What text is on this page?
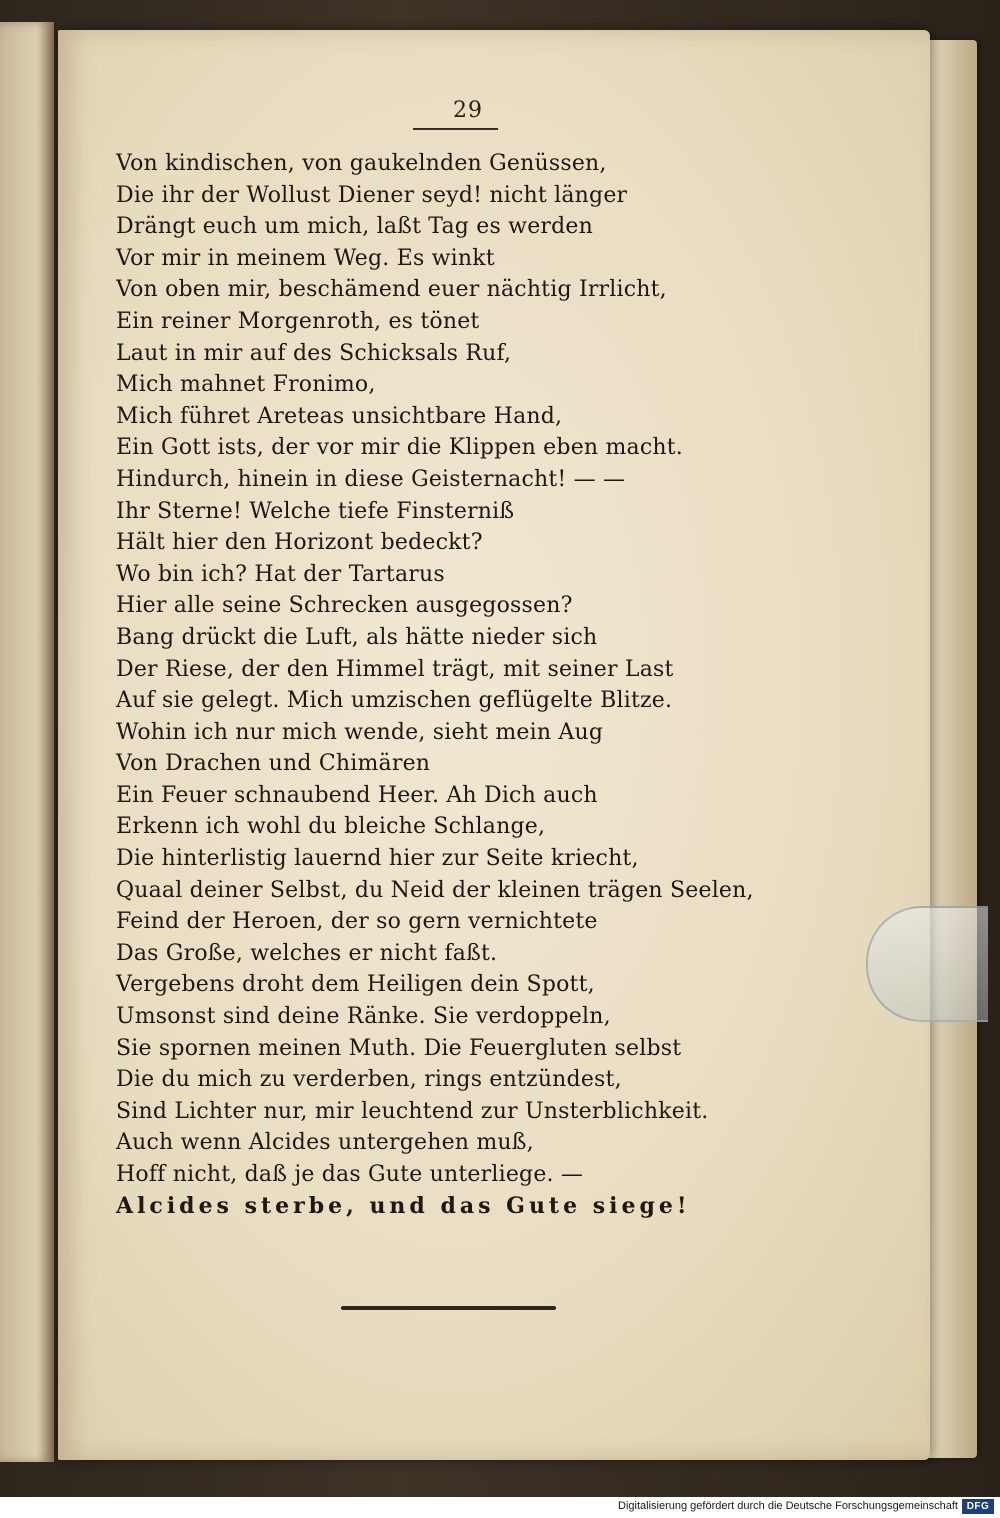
29
Von kindischen, von gaukelnden Genüssen,
Die ihr der Wollust Diener seyd! nicht länger
Drängt euch um mich, laßt Tag es werden
Vor mir in meinem Weg. Es winkt
Von oben mir, beschämend euer nächtig Irrlicht,
Ein reiner Morgenroth, es tönet
Laut in mir auf des Schicksals Ruf,
Mich mahnet Fronimo,
Mich führet Areteas unsichtbare Hand,
Ein Gott ists, der vor mir die Klippen eben macht.
Hindurch, hinein in diese Geisternacht! — —
Ihr Sterne! Welche tiefe Finsterniß
Hält hier den Horizont bedeckt?
Wo bin ich? Hat der Tartarus
Hier alle seine Schrecken ausgegossen?
Bang drückt die Luft, als hätte nieder sich
Der Riese, der den Himmel trägt, mit seiner Last
Auf sie gelegt. Mich umzischen geflügelte Blitze.
Wohin ich nur mich wende, sieht mein Aug
Von Drachen und Chimären
Ein Feuer schnaubend Heer. Ah Dich auch
Erkenn ich wohl du bleiche Schlange,
Die hinterlistig lauernd hier zur Seite kriecht,
Quaal deiner Selbst, du Neid der kleinen trägen Seelen,
Feind der Heroen, der so gern vernichtete
Das Große, welches er nicht faßt.
Vergebens droht dem Heiligen dein Spott,
Umsonst sind deine Ränke. Sie verdoppeln,
Sie spornen meinen Muth. Die Feuergluten selbst
Die du mich zu verderben, rings entzündest,
Sind Lichter nur, mir leuchtend zur Unsterblichkeit.
Auch wenn Alcides untergehen muß,
Hoff nicht, daß je das Gute unterliege. —
Alcides sterbe, und das Gute siege!
Digitalisierung gefördert durch die Deutsche Forschungsgemeinschaft DFG
